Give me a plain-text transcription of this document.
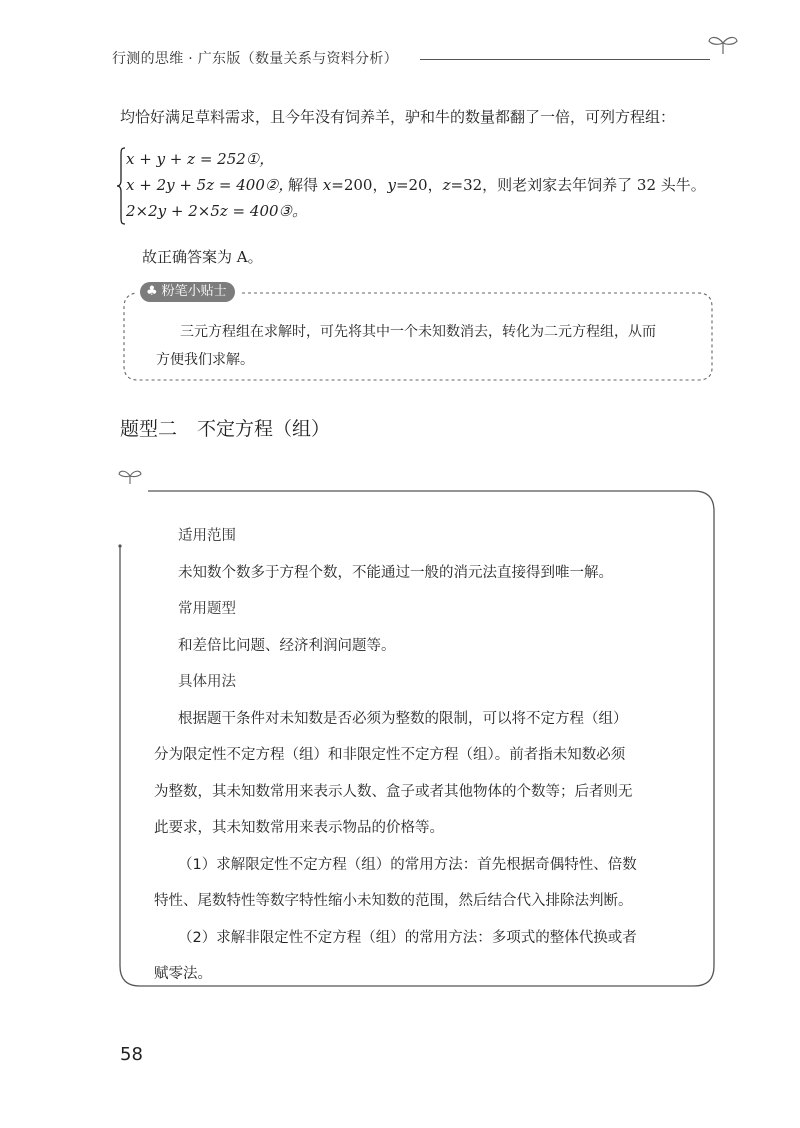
行测的思维 · 广东版（数量关系与资料分析）
均恰好满足草料需求，且今年没有饲养羊，驴和牛的数量都翻了一倍，可列方程组：
x + y + z = 252①，
x + 2y + 5z = 400②，
2×2y + 2×5z = 400③。
解得 x=200，y=20，z=32，则老刘家去年饲养了 32 头牛。
故正确答案为 A。
♣ 粉笔小贴士
三元方程组在求解时，可先将其中一个未知数消去，转化为二元方程组，从而
方便我们求解。
题型二 不定方程（组）
适用范围
未知数个数多于方程个数，不能通过一般的消元法直接得到唯一解。
常用题型
和差倍比问题、经济利润问题等。
具体用法
根据题干条件对未知数是否必须为整数的限制，可以将不定方程（组）
分为限定性不定方程（组）和非限定性不定方程（组）。前者指未知数必须
为整数，其未知数常用来表示人数、盒子或者其他物体的个数等；后者则无
此要求，其未知数常用来表示物品的价格等。
（1）求解限定性不定方程（组）的常用方法：首先根据奇偶特性、倍数
特性、尾数特性等数字特性缩小未知数的范围，然后结合代入排除法判断。
（2）求解非限定性不定方程（组）的常用方法：多项式的整体代换或者
赋零法。
58
